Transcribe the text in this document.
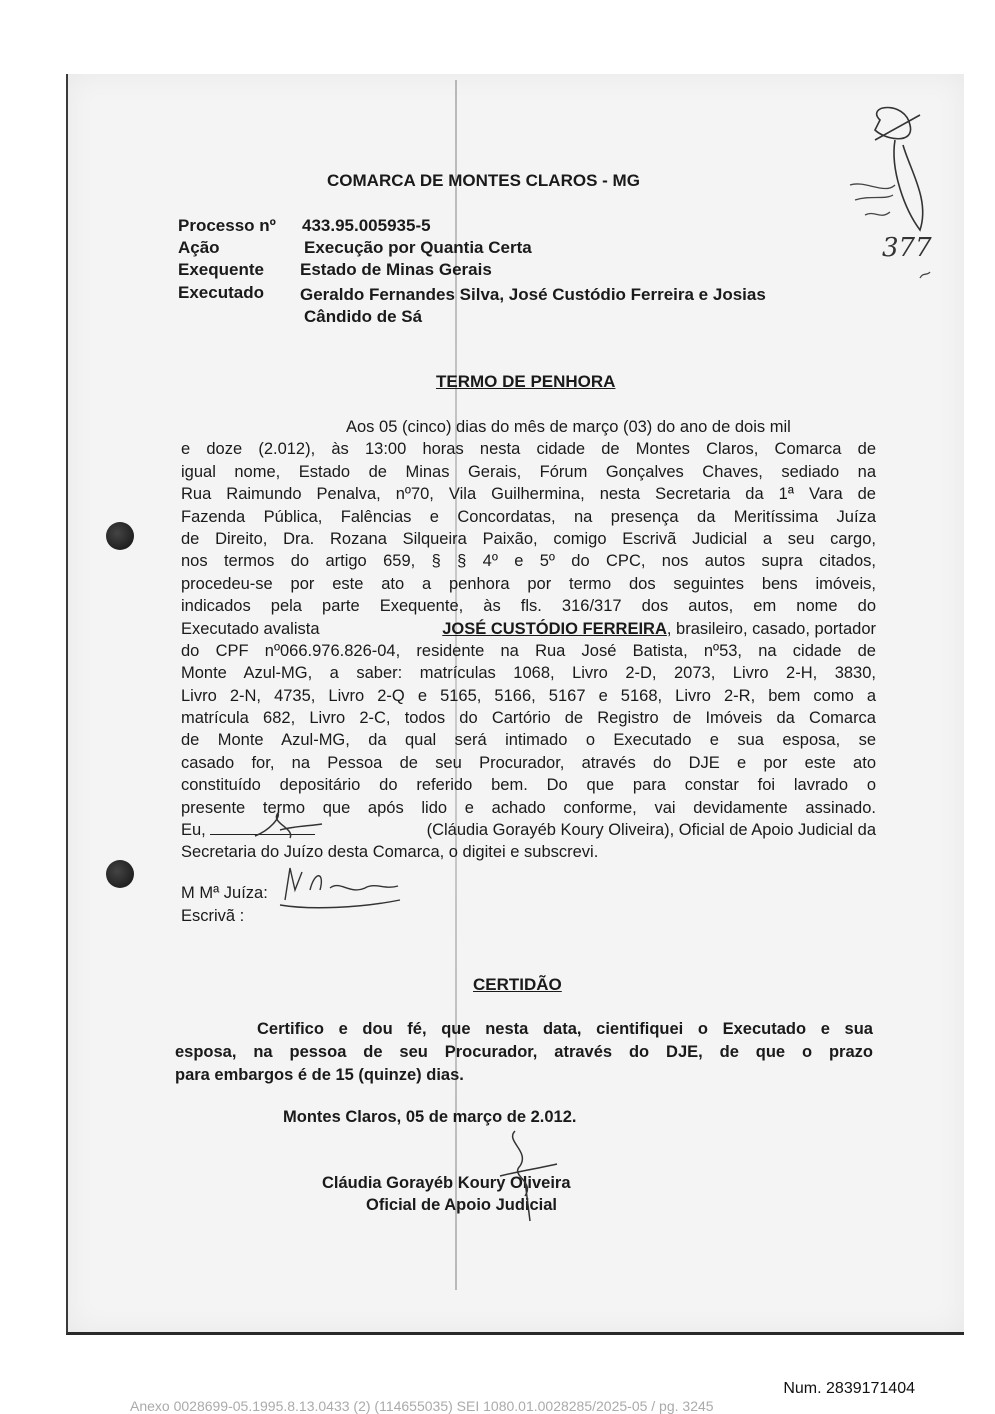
COMARCA DE MONTES CLAROS - MG
Processo nº 433.95.005935-5
Ação	Execução por Quantia Certa
Exequente Estado de Minas Gerais
Executado Geraldo Fernandes Silva, José Custódio Ferreira e Josias
Cândido de Sá
TERMO DE PENHORA
Aos 05 (cinco) dias do mês de março (03) do ano de dois mil
e doze (2.012), às 13:00 horas nesta cidade de Montes Claros, Comarca de
igual nome, Estado de Minas Gerais, Fórum Gonçalves Chaves, sediado na
Rua Raimundo Penalva, nº70, Vila Guilhermina, nesta Secretaria da 1ª Vara de
Fazenda Pública, Falências e Concordatas, na presença da Meritíssima Juíza
de Direito, Dra. Rozana Silqueira Paixão, comigo Escrivã Judicial a seu cargo,
nos termos do artigo 659, § § 4º e 5º do CPC, nos autos supra citados,
procedeu-se por este ato a penhora por termo dos seguintes bens imóveis,
indicados pela parte Exequente, às fls. 316/317 dos autos, em nome do
Executado avalista	JOSÉ CUSTÓDIO FERREIRA, brasileiro, casado, portador
do CPF nº066.976.826-04, residente na Rua José Batista, nº53, na cidade de
Monte Azul-MG, a saber: matrículas 1068, Livro 2-D, 2073, Livro 2-H, 3830,
Livro 2-N, 4735, Livro 2-Q e 5165, 5166, 5167 e 5168, Livro 2-R, bem como a
matrícula 682, Livro 2-C, todos do Cartório de Registro de Imóveis da Comarca
de Monte Azul-MG, da qual será intimado o Executado e sua esposa, se
casado for, na Pessoa de seu Procurador, através do DJE e por este ato
constituído depositário do referido bem. Do que para constar foi lavrado o
presente termo que após lido e achado conforme, vai devidamente assinado.
Eu,	(Cláudia Gorayéb Koury Oliveira), Oficial de Apoio Judicial da
Secretaria do Juízo desta Comarca, o digitei e subscrevi.
M Mª Juíza:
Escrivã :
CERTIDÃO
Certifico e dou fé, que nesta data, cientifiquei o Executado e sua
esposa, na pessoa de seu Procurador, através do DJE, de que o prazo
para embargos é de 15 (quinze) dias.
Montes Claros, 05 de março de 2.012.
Cláudia Gorayéb Koury Oliveira
Oficial de Apoio Judicial
377
Num. 2839171404
Anexo 0028699-05.1995.8.13.0433 (2) (114655035) SEI 1080.01.0028285/2025-05 / pg. 3245
